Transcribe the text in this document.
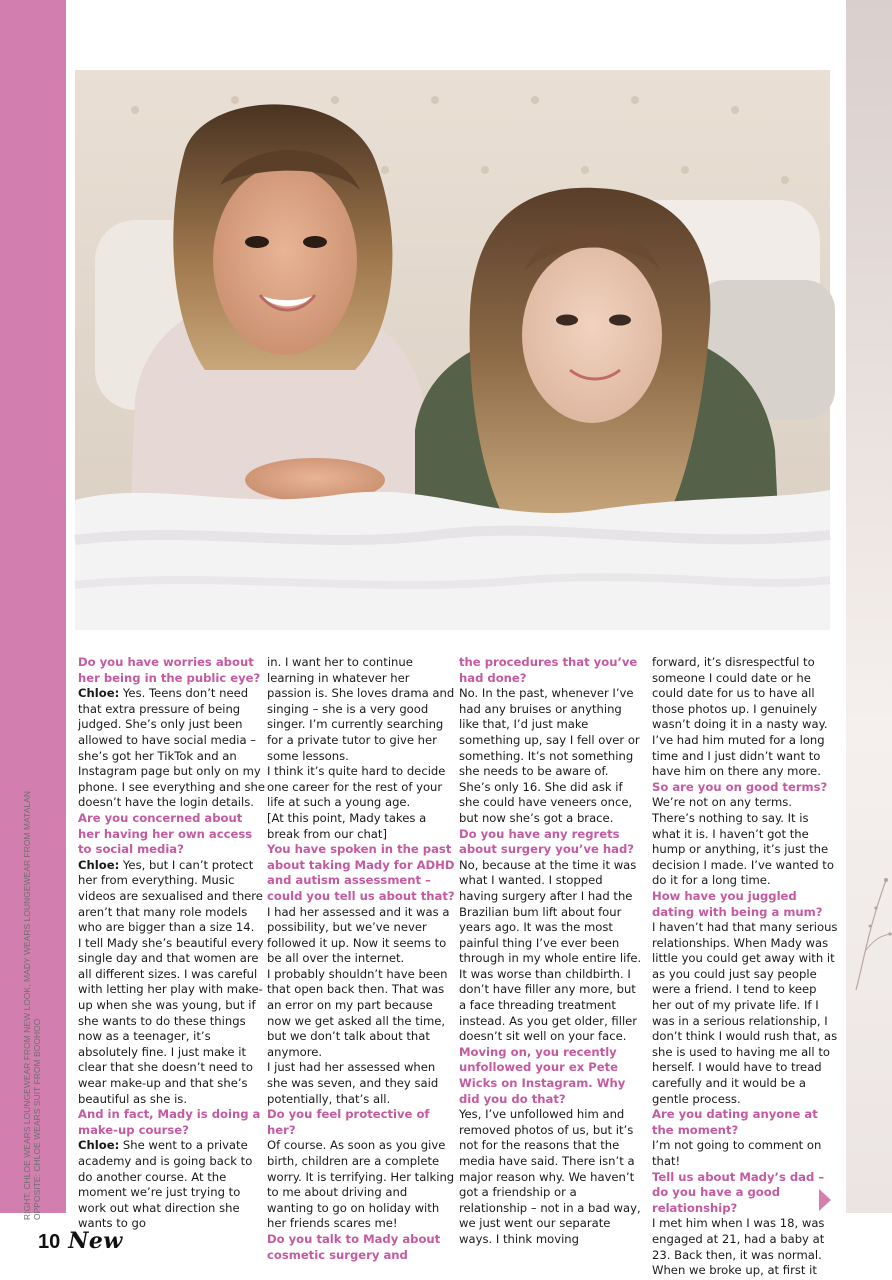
RIGHT: CHLOE WEARS LOUNGEWEAR FROM NEW LOOK, MADY WEARS LOUNGEWEAR FROM MATALAN OPPOSITE: CHLOE WEARS SUIT FROM BOOHOO

Do you have worries about her being in the public eye?

Chloe: Yes. Teens don’t need that extra pressure of being judged. She’s only just been allowed to have social media – she’s got her TikTok and an Instagram page but only on my phone. I see everything and she doesn’t have the login details.

Are you concerned about her having her own access to social media?

Chloe: Yes, but I can’t protect her from everything. Music videos are sexualised and there aren’t that many role models who are bigger than a size 14.

I tell Mady she’s beautiful every single day and that women are all different sizes. I was careful with letting her play with make-up when she was young, but if she wants to do these things now as a teenager, it’s absolutely fine. I just make it clear that she doesn’t need to wear make-up and that she’s beautiful as she is.

And in fact, Mady is doing a make-up course?

Chloe: She went to a private academy and is going back to do another course. At the moment we’re just trying to work out what direction she wants to go

in. I want her to continue learning in whatever her passion is. She loves drama and singing – she is a very good singer. I’m currently searching for a private tutor to give her some lessons.

I think it’s quite hard to decide one career for the rest of your life at such a young age.

[At this point, Mady takes a break from our chat]

You have spoken in the past about taking Mady for ADHD and autism assessment – could you tell us about that?

I had her assessed and it was a possibility, but we’ve never followed it up. Now it seems to be all over the internet.

I probably shouldn’t have been that open back then. That was an error on my part because now we get asked all the time, but we don’t talk about that anymore.

I just had her assessed when she was seven, and they said potentially, that’s all.

Do you feel protective of her?

Of course. As soon as you give birth, children are a complete worry. It is terrifying. Her talking to me about driving and wanting to go on holiday with her friends scares me!

Do you talk to Mady about cosmetic surgery and

the procedures that you’ve had done?

No. In the past, whenever I’ve had any bruises or anything like that, I’d just make something up, say I fell over or something. It’s not something she needs to be aware of. She’s only 16. She did ask if she could have veneers once, but now she’s got a brace.

Do you have any regrets about surgery you’ve had?

No, because at the time it was what I wanted. I stopped having surgery after I had the Brazilian bum lift about four years ago. It was the most painful thing I’ve ever been through in my whole entire life. It was worse than childbirth. I don’t have filler any more, but a face threading treatment instead. As you get older, filler doesn’t sit well on your face.

Moving on, you recently unfollowed your ex Pete Wicks on Instagram. Why did you do that?

Yes, I’ve unfollowed him and removed photos of us, but it’s not for the reasons that the media have said. There isn’t a major reason why. We haven’t got a friendship or a relationship – not in a bad way, we just went our separate ways. I think moving

forward, it’s disrespectful to someone I could date or he could date for us to have all those photos up. I genuinely wasn’t doing it in a nasty way. I’ve had him muted for a long time and I just didn’t want to have him on there any more.

So are you on good terms?

We’re not on any terms. There’s nothing to say. It is what it is. I haven’t got the hump or anything, it’s just the decision I made. I’ve wanted to do it for a long time.

How have you juggled dating with being a mum?

I haven’t had that many serious relationships. When Mady was little you could get away with it as you could just say people were a friend. I tend to keep her out of my private life. If I was in a serious relationship, I don’t think I would rush that, as she is used to having me all to herself. I would have to tread carefully and it would be a gentle process.

Are you dating anyone at the moment?

I’m not going to comment on that!

Tell us about Mady’s dad – do you have a good relationship?

I met him when I was 18, was engaged at 21, had a baby at 23. Back then, it was normal. When we broke up, at first it

10 New
